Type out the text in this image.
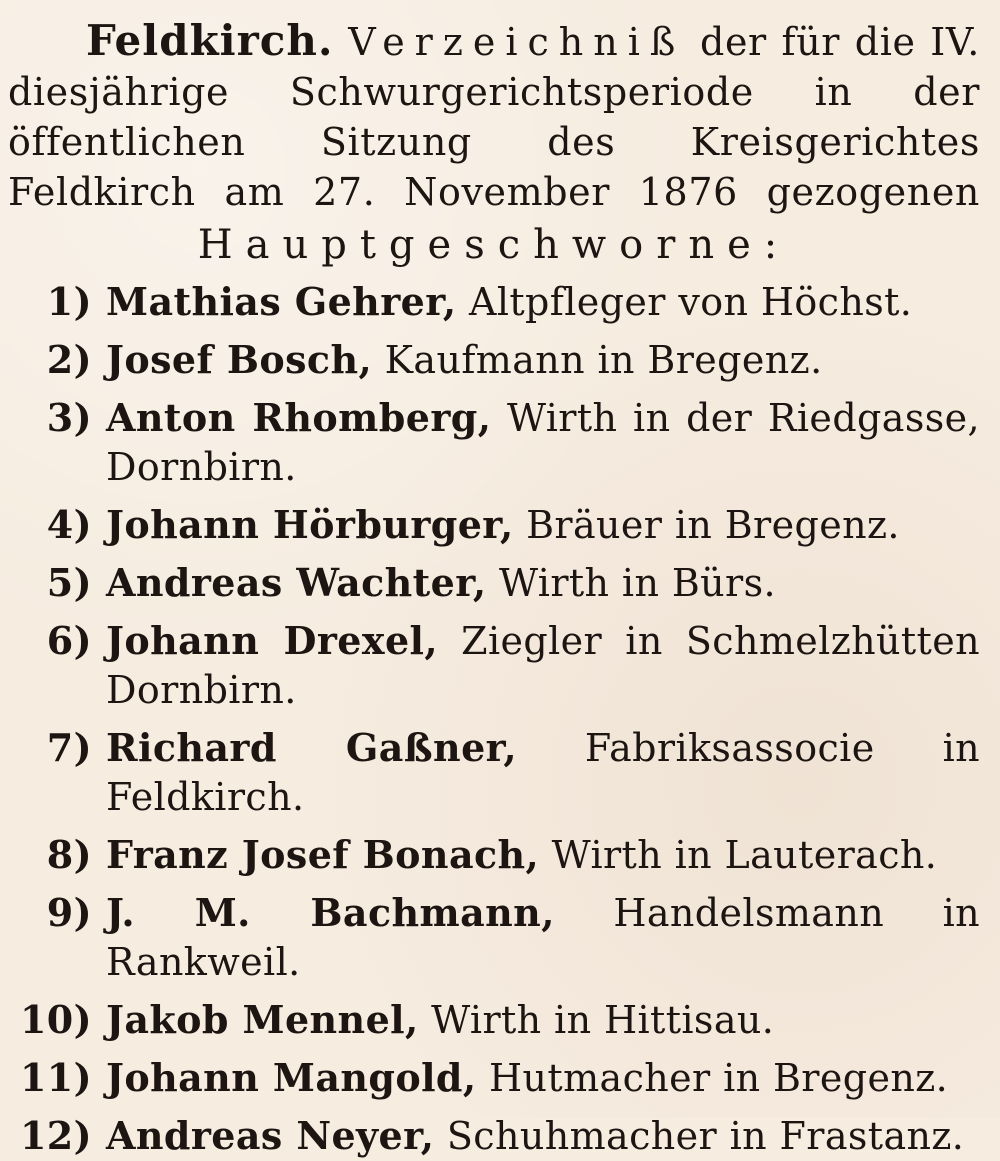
Feldkirch. Verzeichniß der für die IV. diesjährige Schwurgerichtsperiode in der öffentlichen Sitzung des Kreisgerichtes Feldkirch am 27. November 1876 gezogenen

Hauptgeschworne:
1) Mathias Gehrer, Altpfleger von Höchst.
2) Josef Bosch, Kaufmann in Bregenz.
3) Anton Rhomberg, Wirth in der Riedgasse, Dornbirn.
4) Johann Hörburger, Bräuer in Bregenz.
5) Andreas Wachter, Wirth in Bürs.
6) Johann Drexel, Ziegler in Schmelzhütten Dornbirn.
7) Richard Gaßner, Fabriksassocie in Feldkirch.
8) Franz Josef Bonach, Wirth in Lauterach.
9) J. M. Bachmann, Handelsmann in Rankweil.
10) Jakob Mennel, Wirth in Hittisau.
11) Johann Mangold, Hutmacher in Bregenz.
12) Andreas Neyer, Schuhmacher in Frastanz.
